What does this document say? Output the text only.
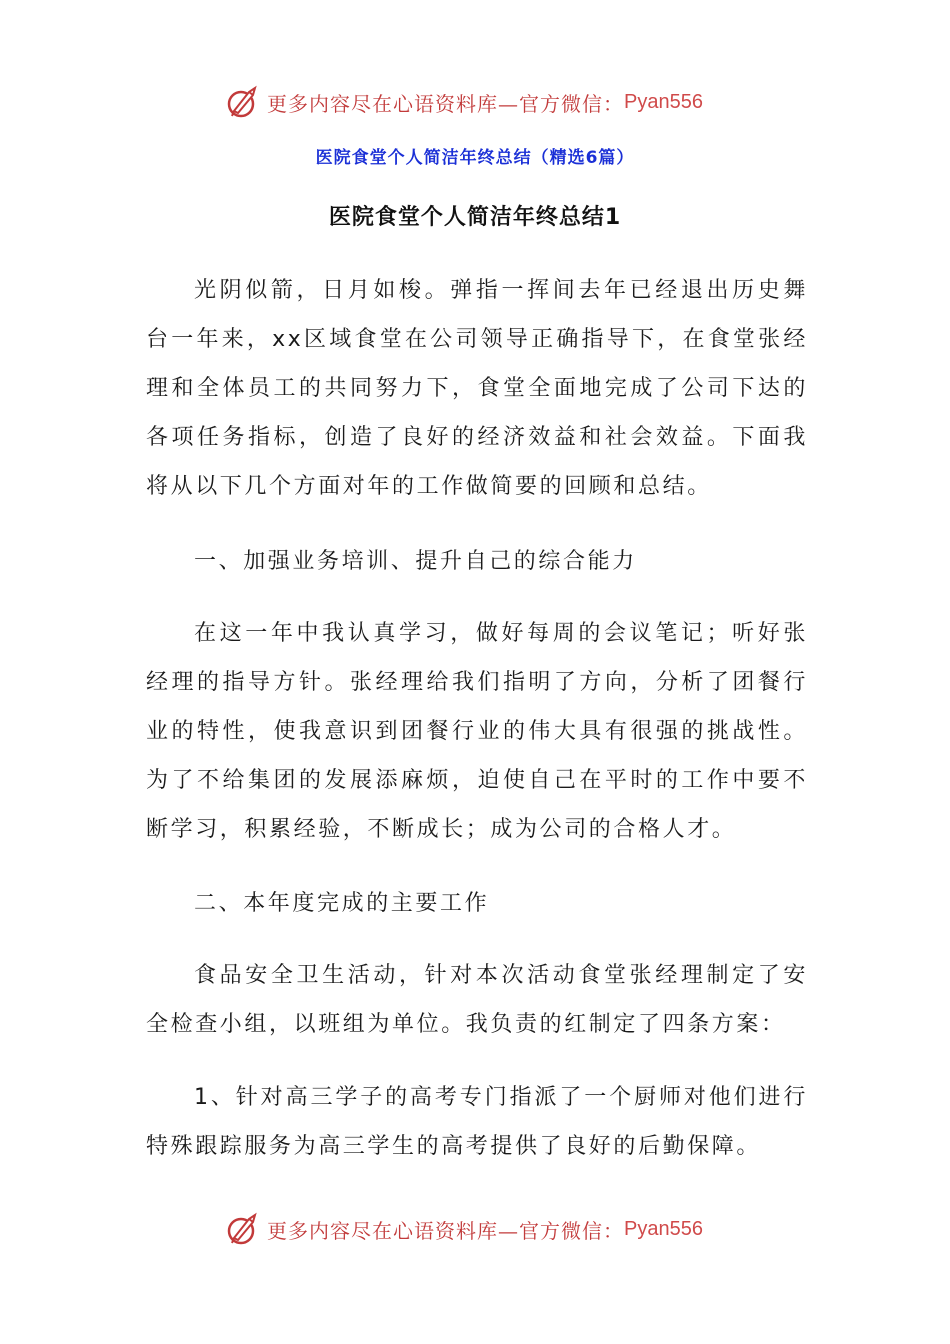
更多内容尽在心语资料库—官方微信： Pyan556
医院食堂个人简洁年终总结（精选6篇）
医院食堂个人简洁年终总结1
光阴似箭，日月如梭。弹指一挥间去年已经退出历史舞台一年来，xx区域食堂在公司领导正确指导下，在食堂张经理和全体员工的共同努力下，食堂全面地完成了公司下达的各项任务指标，创造了良好的经济效益和社会效益。下面我将从以下几个方面对年的工作做简要的回顾和总结。
一、加强业务培训、提升自己的综合能力
在这一年中我认真学习，做好每周的会议笔记；听好张经理的指导方针。张经理给我们指明了方向，分析了团餐行业的特性，使我意识到团餐行业的伟大具有很强的挑战性。为了不给集团的发展添麻烦，迫使自己在平时的工作中要不断学习，积累经验，不断成长；成为公司的合格人才。
二、本年度完成的主要工作
食品安全卫生活动，针对本次活动食堂张经理制定了安全检查小组，以班组为单位。我负责的红制定了四条方案：
1、针对高三学子的高考专门指派了一个厨师对他们进行特殊跟踪服务为高三学生的高考提供了良好的后勤保障。
更多内容尽在心语资料库—官方微信： Pyan556
